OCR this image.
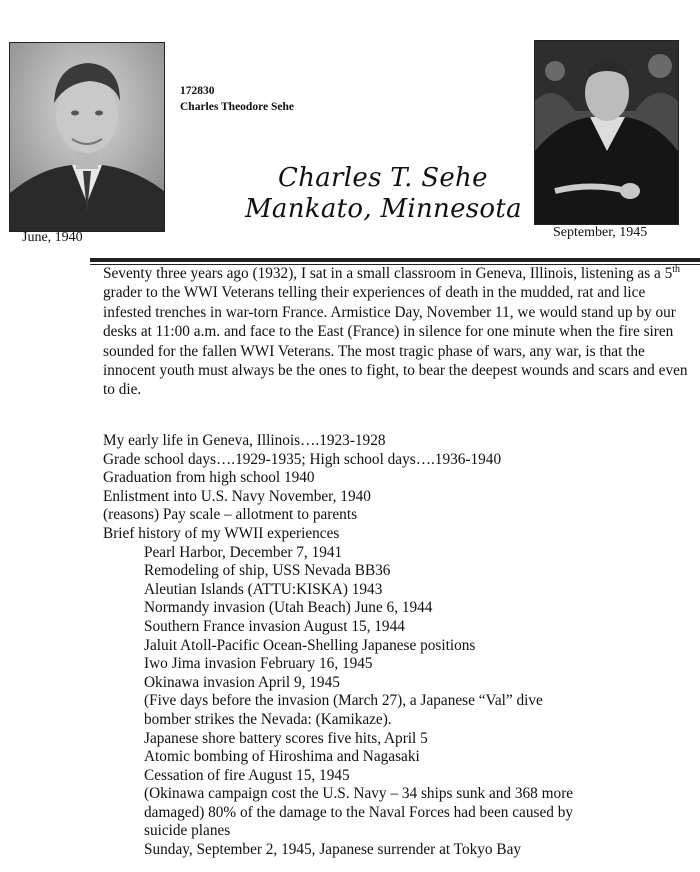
June, 1940	September, 1945
172830
Charles Theodore Sehe
Charles T. Sehe
Mankato, Minnesota

Seventy three years ago (1932), I sat in a small classroom in Geneva, Illinois, listening as a 5th grader to the WWI Veterans telling their experiences of death in the mudded, rat and lice infested trenches in war-torn France. Armistice Day, November 11, we would stand up by our desks at 11:00 a.m. and face to the East (France) in silence for one minute when the fire siren sounded for the fallen WWI Veterans. The most tragic phase of wars, any war, is that the innocent youth must always be the ones to fight, to bear the deepest wounds and scars and even to die.

My early life in Geneva, Illinois….1923-1928
Grade school days….1929-1935; High school days….1936-1940
Graduation from high school 1940
Enlistment into U.S. Navy November, 1940
(reasons) Pay scale – allotment to parents
Brief history of my WWII experiences
Pearl Harbor, December 7, 1941
Remodeling of ship, USS Nevada BB36
Aleutian Islands (ATTU:KISKA) 1943
Normandy invasion (Utah Beach) June 6, 1944
Southern France invasion August 15, 1944
Jaluit Atoll-Pacific Ocean-Shelling Japanese positions
Iwo Jima invasion February 16, 1945
Okinawa invasion April 9, 1945
(Five days before the invasion (March 27), a Japanese “Val” dive
bomber strikes the Nevada: (Kamikaze).
Japanese shore battery scores five hits, April 5
Atomic bombing of Hiroshima and Nagasaki
Cessation of fire August 15, 1945
(Okinawa campaign cost the U.S. Navy – 34 ships sunk and 368 more
damaged) 80% of the damage to the Naval Forces had been caused by
suicide planes
Sunday, September 2, 1945, Japanese surrender at Tokyo Bay
